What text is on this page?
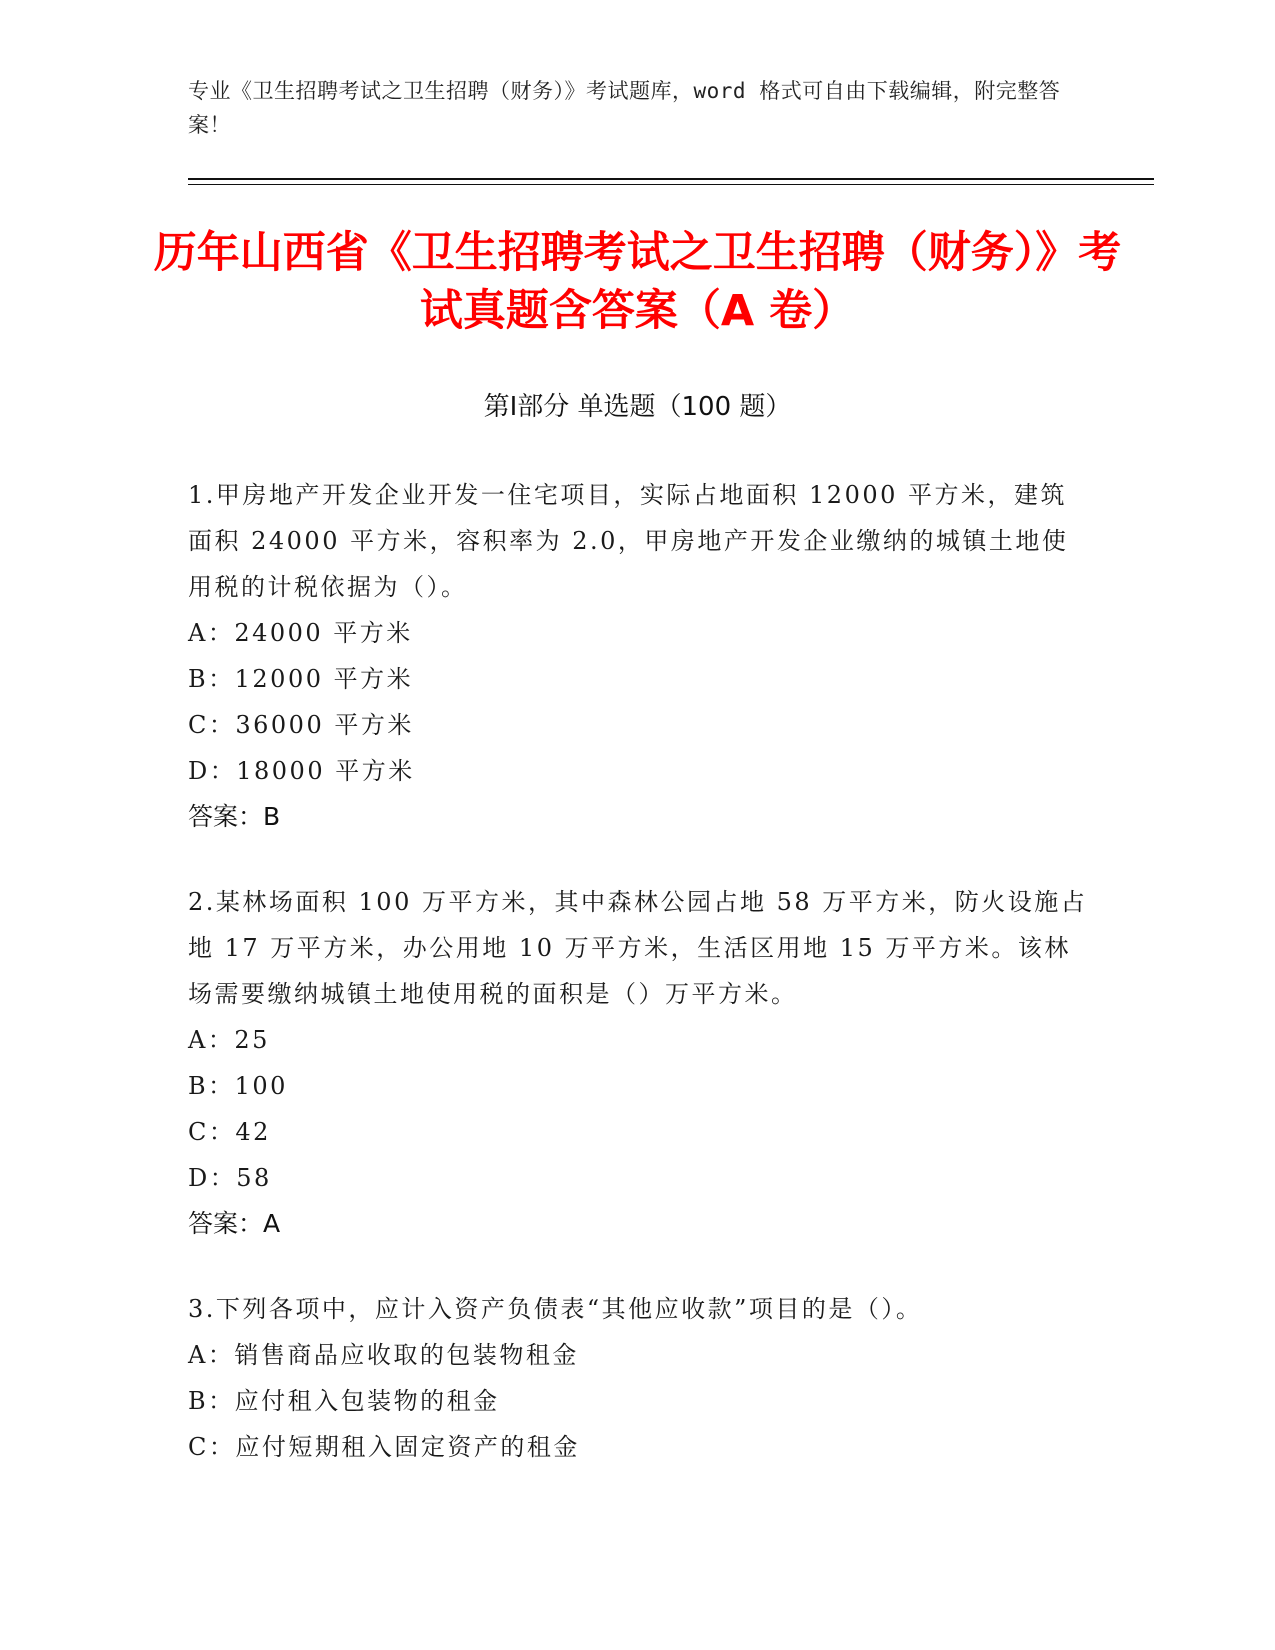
专业《卫生招聘考试之卫生招聘（财务）》考试题库，word 格式可自由下载编辑，附完整答案！
历年山西省《卫生招聘考试之卫生招聘（财务）》考试真题含答案（A 卷）
第Ⅰ部分 单选题（100 题）

1.甲房地产开发企业开发一住宅项目，实际占地面积 12000 平方米，建筑面积 24000 平方米，容积率为 2.0，甲房地产开发企业缴纳的城镇土地使用税的计税依据为（）。

A：24000 平方米

B：12000 平方米

C：36000 平方米

D：18000 平方米

答案：B

2.某林场面积 100 万平方米，其中森林公园占地 58 万平方米，防火设施占地 17 万平方米，办公用地 10 万平方米，生活区用地 15 万平方米。该林场需要缴纳城镇土地使用税的面积是（）万平方米。

A：25

B：100

C：42

D：58

答案：A

3.下列各项中，应计入资产负债表“其他应收款”项目的是（）。

A：销售商品应收取的包装物租金

B：应付租入包装物的租金

C：应付短期租入固定资产的租金
